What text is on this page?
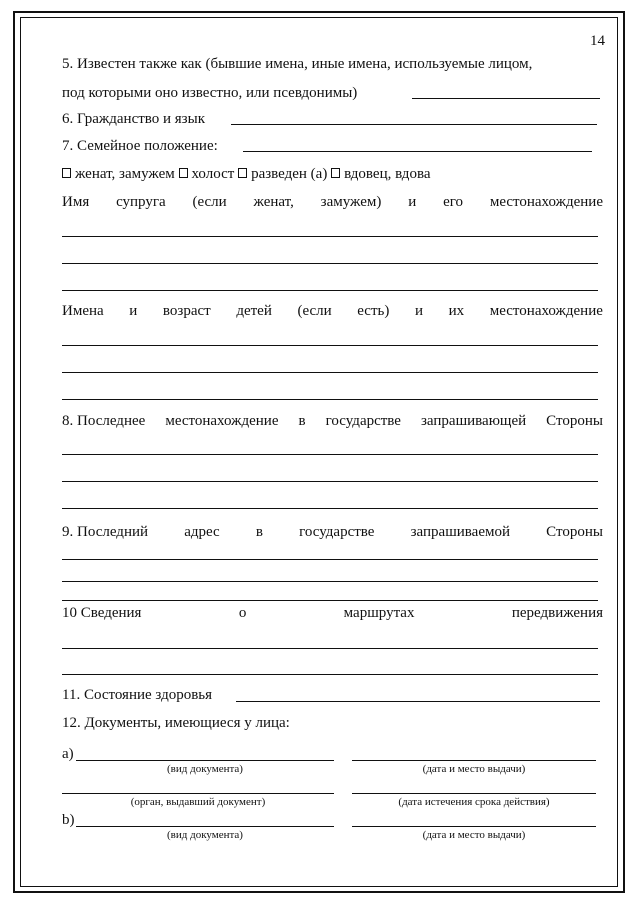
14
5. Известен также как (бывшие имена, иные имена, используемые лицом,
под которыми оно известно, или псевдонимы)
6. Гражданство и язык
7. Семейное положение:
женат, замужем холост разведен (а) вдовец, вдова
Имя супруга (если женат, замужем) и его местонахождение
Имена и возраст детей (если есть) и их местонахождение
8. Последнее местонахождение в государстве запрашивающей Стороны
9. Последний адрес в государстве запрашиваемой Стороны
10 Сведения	о	маршрутах	передвижения
11. Состояние здоровья
12. Документы, имеющиеся у лица:
a)
(вид документа)	(дата и место выдачи)
(орган, выдавший документ)	(дата истечения срока действия)
b)
(вид документа)	(дата и место выдачи)
